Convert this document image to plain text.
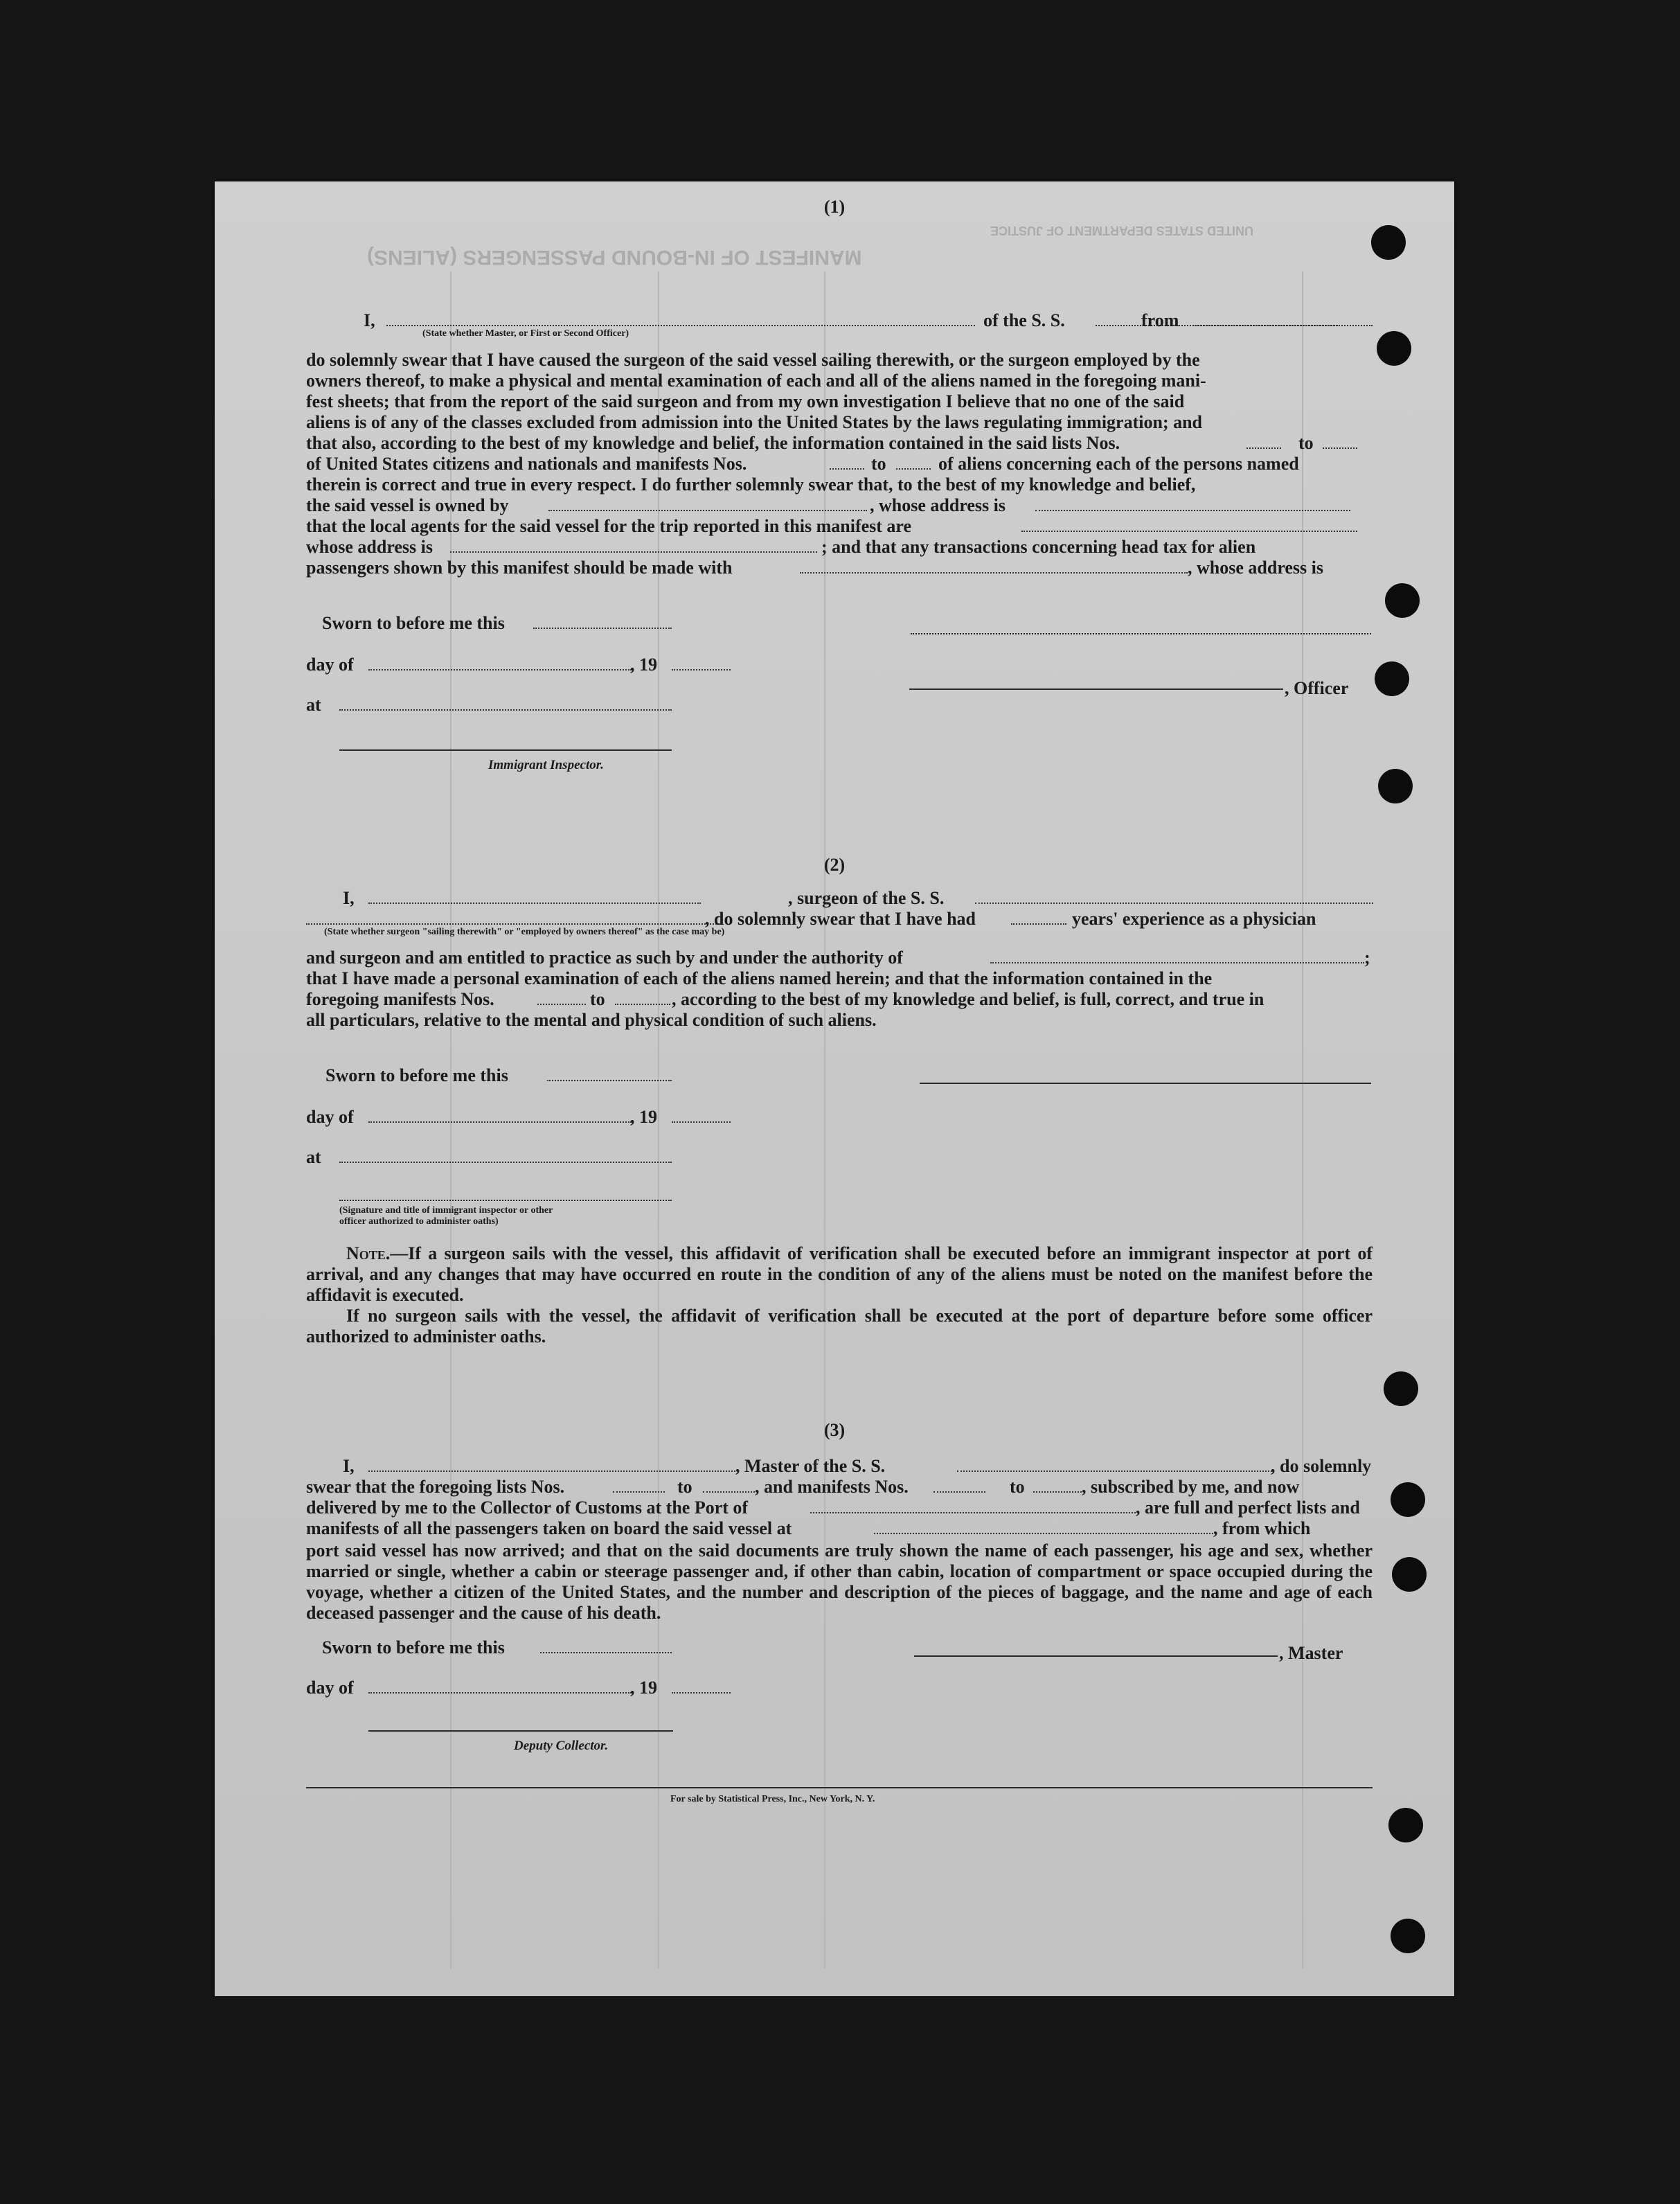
MANIFEST OF IN-BOUND PASSENGERS (ALIENS)
UNITED STATES DEPARTMENT OF JUSTICE
(1)
I,
(State whether Master, or First or Second Officer)
of the S. S.	from
do solemnly swear that I have caused the surgeon of the said vessel sailing therewith, or the surgeon employed by the
owners thereof, to make a physical and mental examination of each and all of the aliens named in the foregoing mani-
fest sheets; that from the report of the said surgeon and from my own investigation I believe that no one of the said
aliens is of any of the classes excluded from admission into the United States by the laws regulating immigration; and
that also, according to the best of my knowledge and belief, the information contained in the said lists Nos.	to
of United States citizens and nationals and manifests Nos.	to	of aliens concerning each of the persons named
therein is correct and true in every respect. I do further solemnly swear that, to the best of my knowledge and belief,
the said vessel is owned by	, whose address is
that the local agents for the said vessel for the trip reported in this manifest are
whose address is	; and that any transactions concerning head tax for alien
passengers shown by this manifest should be made with	, whose address is
Sworn to before me this
day of	, 19
, Officer
at
Immigrant Inspector.
(2)
I,	, surgeon of the S. S.
, do solemnly swear that I have had	years' experience as a physician
(State whether surgeon "sailing therewith" or "employed by owners thereof" as the case may be)
and surgeon and am entitled to practice as such by and under the authority of	;
that I have made a personal examination of each of the aliens named herein; and that the information contained in the
foregoing manifests Nos.	to	, according to the best of my knowledge and belief, is full, correct, and true in
all particulars, relative to the mental and physical condition of such aliens.
Sworn to before me this
day of	, 19
at
(Signature and title of immigrant inspector or other officer authorized to administer oaths)
Note.—If a surgeon sails with the vessel, this affidavit of verification shall be executed before an immigrant inspector at port of arrival, and any changes that may have occurred en route in the condition of any of the aliens must be noted on the manifest before the affidavit is executed.
If no surgeon sails with the vessel, the affidavit of verification shall be executed at the port of departure before some officer authorized to administer oaths.
(3)
I,	, Master of the S. S.	, do solemnly
swear that the foregoing lists Nos.	to	, and manifests Nos.	to	, subscribed by me, and now
delivered by me to the Collector of Customs at the Port of	, are full and perfect lists and
manifests of all the passengers taken on board the said vessel at	, from which
port said vessel has now arrived; and that on the said documents are truly shown the name of each passenger, his age and sex, whether married or single, whether a cabin or steerage passenger and, if other than cabin, location of compartment or space occupied during the voyage, whether a citizen of the United States, and the number and description of the pieces of baggage, and the name and age of each deceased passenger and the cause of his death.
Sworn to before me this	, Master
day of	, 19
Deputy Collector.
For sale by Statistical Press, Inc., New York, N. Y.
